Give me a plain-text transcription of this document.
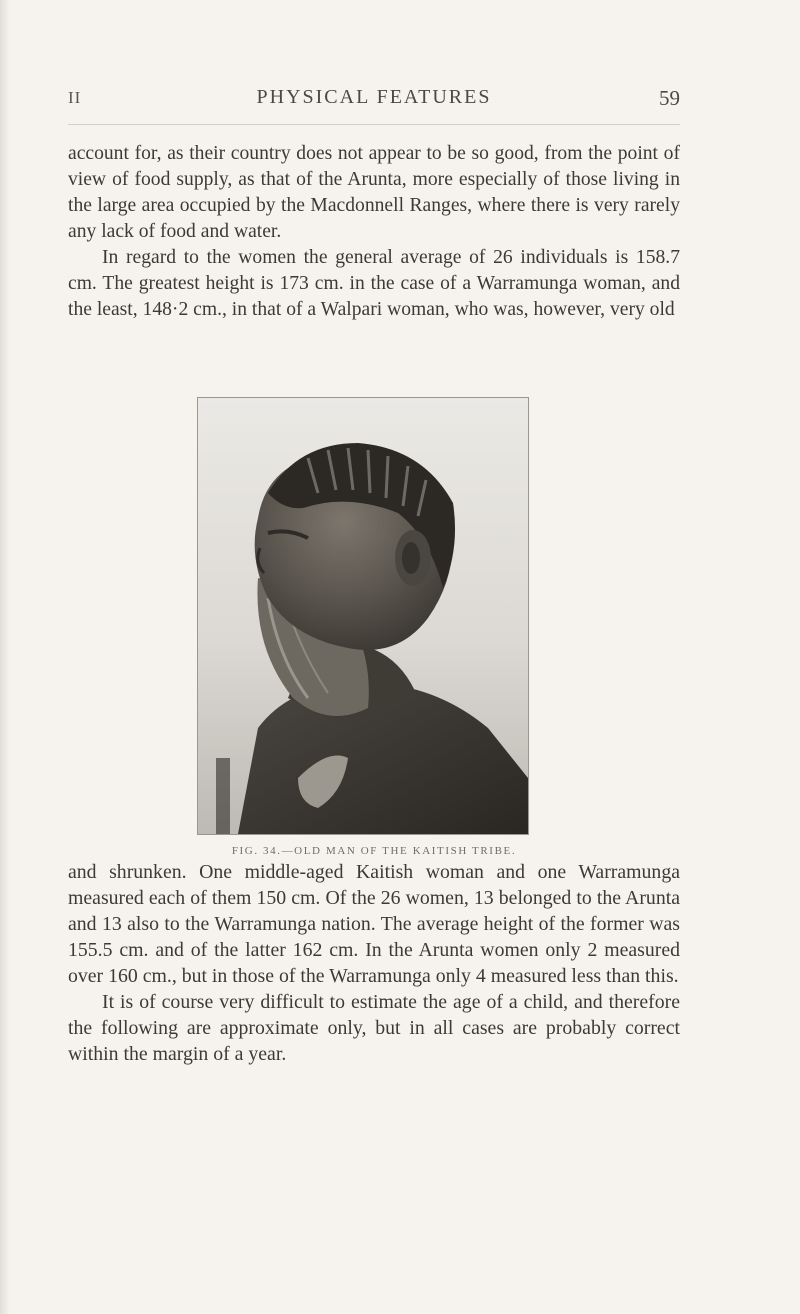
II	PHYSICAL FEATURES	59

account for, as their country does not appear to be so good, from the point of view of food supply, as that of the Arunta, more especially of those living in the large area occupied by the Macdonnell Ranges, where there is very rarely any lack of food and water.

In regard to the women the general average of 26 individuals is 158.7 cm. The greatest height is 173 cm. in the case of a Warramunga woman, and the least, 148·2 cm., in that of a Walpari woman, who was, however, very old

FIG. 34.—OLD MAN OF THE KAITISH TRIBE.

and shrunken. One middle-aged Kaitish woman and one Warramunga measured each of them 150 cm. Of the 26 women, 13 belonged to the Arunta and 13 also to the Warramunga nation. The average height of the former was 155.5 cm. and of the latter 162 cm. In the Arunta women only 2 measured over 160 cm., but in those of the Warramunga only 4 measured less than this.

It is of course very difficult to estimate the age of a child, and therefore the following are approximate only, but in all cases are probably correct within the margin of a year.
